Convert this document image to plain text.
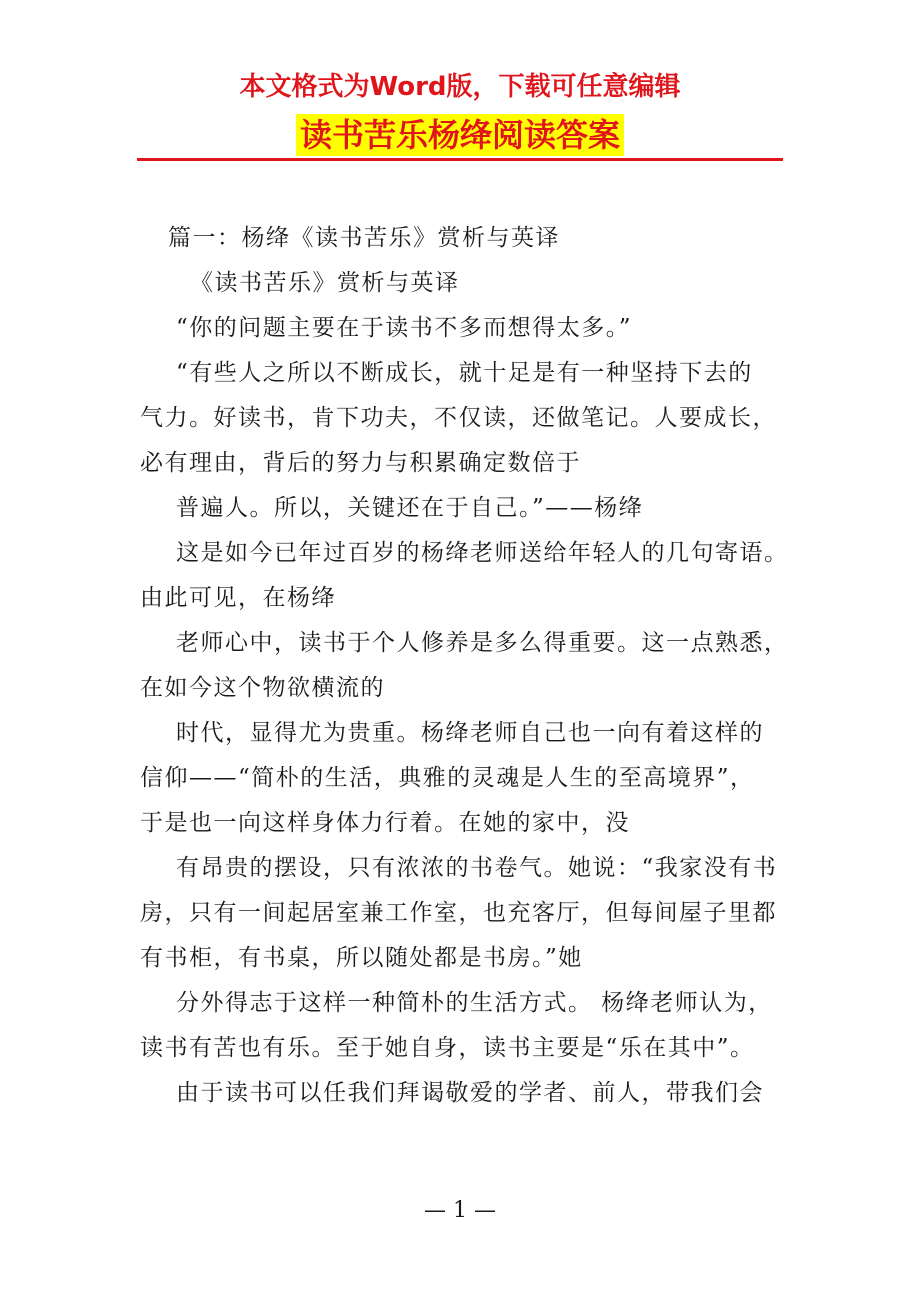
本文格式为Word版，下载可任意编辑
读书苦乐杨绛阅读答案
篇一：杨绛《读书苦乐》赏析与英译
《读书苦乐》赏析与英译
“你的问题主要在于读书不多而想得太多。”
“有些人之所以不断成长，就十足是有一种坚持下去的
气力。好读书，肯下功夫，不仅读，还做笔记。人要成长，
必有理由，背后的努力与积累确定数倍于
普遍人。所以，关键还在于自己。”——杨绛
这是如今已年过百岁的杨绛老师送给年轻人的几句寄语。
由此可见，在杨绛
老师心中，读书于个人修养是多么得重要。这一点熟悉，
在如今这个物欲横流的
时代，显得尤为贵重。杨绛老师自己也一向有着这样的
信仰——“简朴的生活，典雅的灵魂是人生的至高境界”，
于是也一向这样身体力行着。在她的家中，没
有昂贵的摆设，只有浓浓的书卷气。她说：“我家没有书
房，只有一间起居室兼工作室，也充客厅，但每间屋子里都
有书柜，有书桌，所以随处都是书房。”她
分外得志于这样一种简朴的生活方式。 杨绛老师认为，
读书有苦也有乐。至于她自身，读书主要是“乐在其中”。
由于读书可以任我们拜谒敬爱的学者、前人，带我们会
— 1 —
